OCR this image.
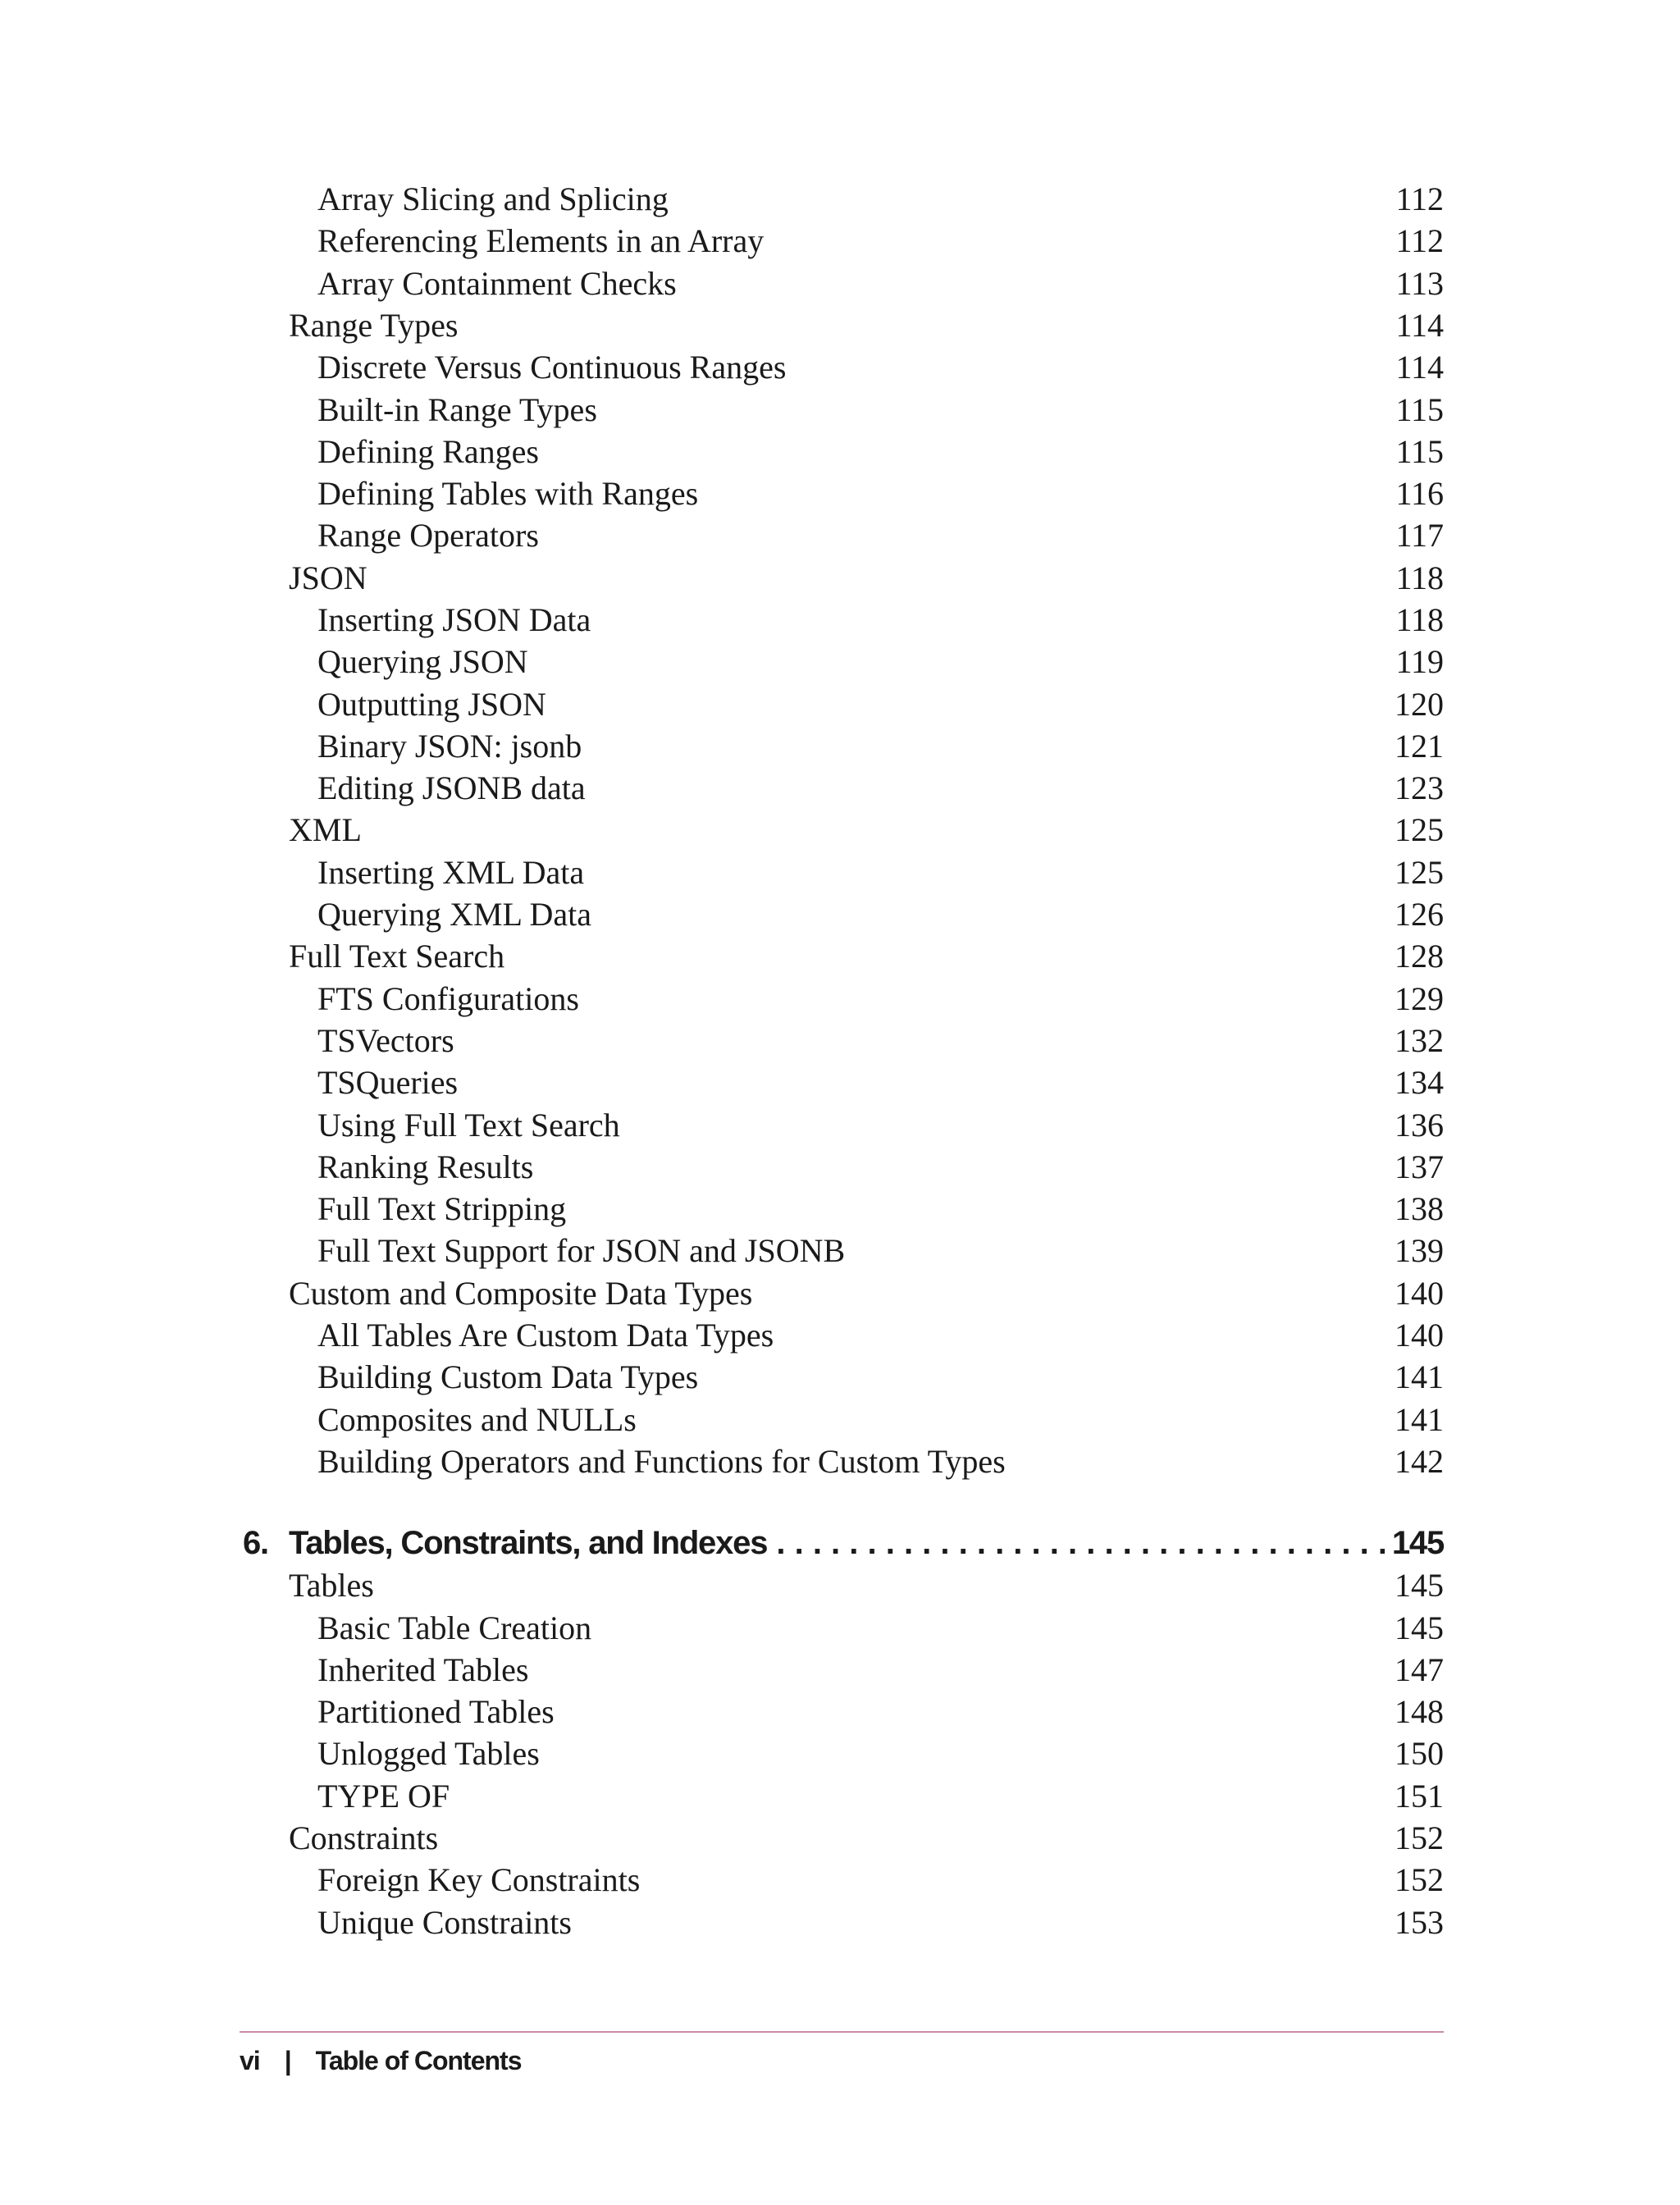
Array Slicing and Splicing	112
Referencing Elements in an Array	112
Array Containment Checks	113
Range Types	114
Discrete Versus Continuous Ranges	114
Built-in Range Types	115
Defining Ranges	115
Defining Tables with Ranges	116
Range Operators	117
JSON	118
Inserting JSON Data	118
Querying JSON	119
Outputting JSON	120
Binary JSON: jsonb	121
Editing JSONB data	123
XML	125
Inserting XML Data	125
Querying XML Data	126
Full Text Search	128
FTS Configurations	129
TSVectors	132
TSQueries	134
Using Full Text Search	136
Ranking Results	137
Full Text Stripping	138
Full Text Support for JSON and JSONB	139
Custom and Composite Data Types	140
All Tables Are Custom Data Types	140
Building Custom Data Types	141
Composites and NULLs	141
Building Operators and Functions for Custom Types	142
6. Tables, Constraints, and Indexes . . .	145
Tables	145
Basic Table Creation	145
Inherited Tables	147
Partitioned Tables	148
Unlogged Tables	150
TYPE OF	151
Constraints	152
Foreign Key Constraints	152
Unique Constraints	153
vi | Table of Contents
